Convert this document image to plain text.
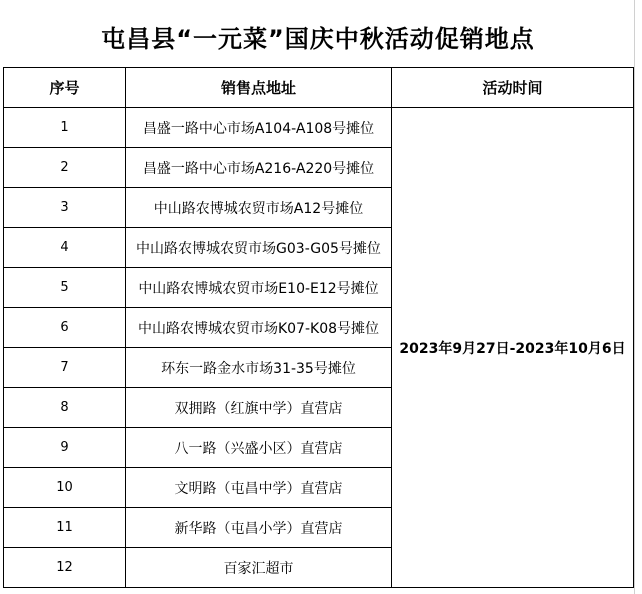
屯昌县“一元菜”国庆中秋活动促销地点
序号	销售点地址	活动时间
1	昌盛一路中心市场A104-A108号摊位	2023年9月27日-2023年10月6日
2	昌盛一路中心市场A216-A220号摊位	
3	中山路农博城农贸市场A12号摊位	
4	中山路农博城农贸市场G03-G05号摊位	
5	中山路农博城农贸市场E10-E12号摊位	
6	中山路农博城农贸市场K07-K08号摊位	
7	环东一路金水市场31-35号摊位	
8	双拥路（红旗中学）直营店	
9	八一路（兴盛小区）直营店	
10	文明路（屯昌中学）直营店	
11	新华路（屯昌小学）直营店	
12	百家汇超市	
